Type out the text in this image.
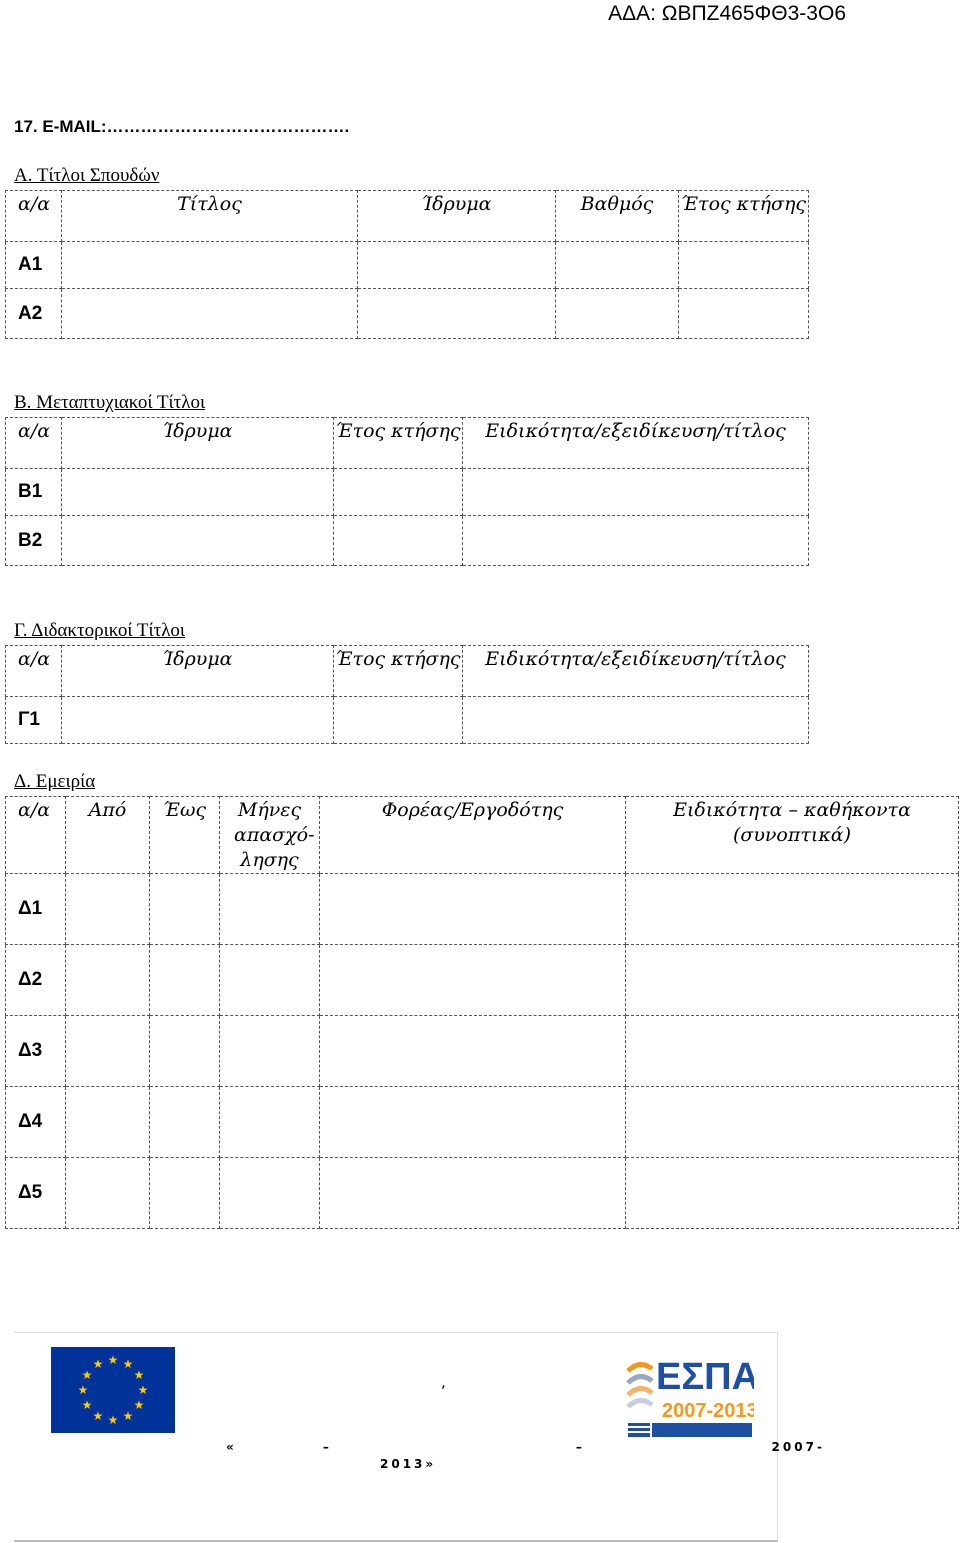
ΑΔΑ: ΩΒΠΖ465ΦΘ3-3Ο6
17. E-MAIL:…………………………………….
Α. Τίτλοι Σπουδών
α/α	Τίτλος	Ίδρυμα	Βαθμός	Έτος κτήσης
Α1				
Α2				
Β. Μεταπτυχιακοί Τίτλοι
α/α	Ίδρυμα	Έτος κτήσης	Ειδικότητα/εξειδίκευση/τίτλος
Β1			
Β2			
Γ. Διδακτορικοί Τίτλοι
α/α	Ίδρυμα	Έτος κτήσης	Ειδικότητα/εξειδίκευση/τίτλος
Γ1			
Δ. Εμειρία
α/α	Από	Έως	Μήνες απασχό-λησης	Φορέας/Εργοδότης	Ειδικότητα – καθήκοντα (συνοπτικά)
Δ1					
Δ2					
Δ3					
Δ4					
Δ5					
★ ★
★
★
★
★
★
★
★
★
★
★
,	ΕΣΠΑ
2007-2013
«            –                                  –                          2007-
2013»
